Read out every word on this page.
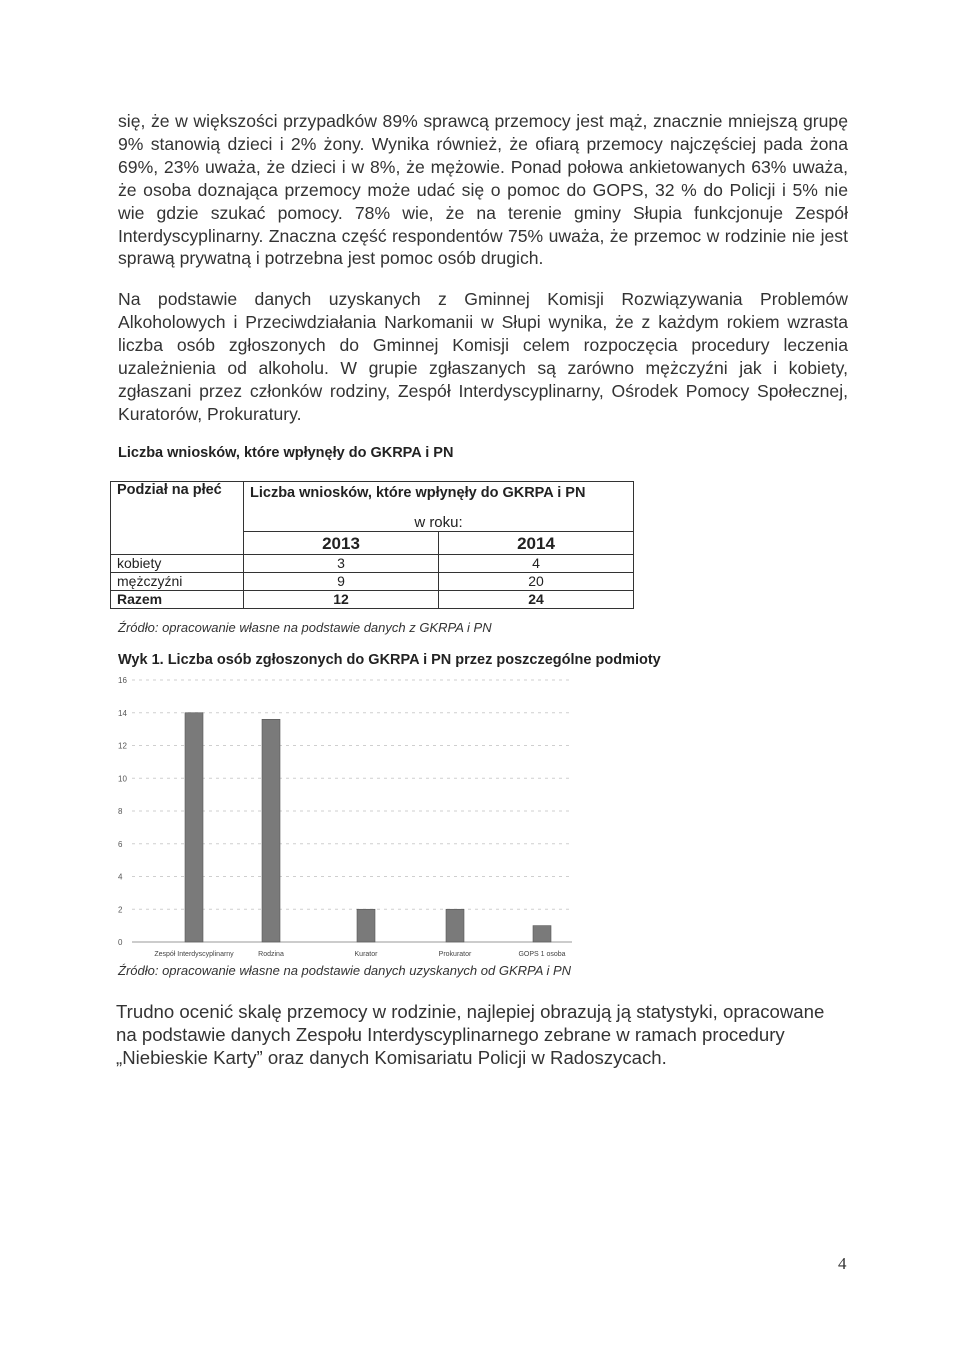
się, że w większości przypadków 89% sprawcą przemocy jest mąż, znacznie mniejszą grupę 9% stanowią dzieci i 2% żony. Wynika również, że ofiarą przemocy najczęściej pada żona 69%, 23% uważa, że dzieci i w 8%, że mężowie. Ponad połowa ankietowanych 63% uważa, że osoba doznająca przemocy może udać się o pomoc do GOPS, 32 % do Policji i 5% nie wie gdzie szukać pomocy. 78% wie, że na terenie gminy Słupia funkcjonuje Zespół Interdyscyplinarny. Znaczna część respondentów 75% uważa, że przemoc w rodzinie nie jest sprawą prywatną i potrzebna jest pomoc osób drugich.

Na podstawie danych uzyskanych z Gminnej Komisji Rozwiązywania Problemów Alkoholowych i Przeciwdziałania Narkomanii w Słupi wynika, że z każdym rokiem wzrasta liczba osób zgłoszonych do Gminnej Komisji celem rozpoczęcia procedury leczenia uzależnienia od alkoholu. W grupie zgłaszanych są zarówno mężczyźni jak i kobiety, zgłaszani przez członków rodziny, Zespół Interdyscyplinarny, Ośrodek Pomocy Społecznej, Kuratorów, Prokuratury.

Liczba wniosków, które wpłynęły do GKRPA i PN
Podział na płeć	Liczba wniosków, które wpłynęły do GKRPA i PN	
	w roku:	
	2013	2014
kobiety	3	4
mężczyźni	9	20
Razem	12	24
Źródło: opracowanie własne na podstawie danych z GKRPA i PN
Wyk 1. Liczba osób zgłoszonych do GKRPA i PN przez poszczególne podmioty
0
2
4
6
8
10
12
14
16
Zespół Interdyscyplinarny	Rodzina	Kurator	Prokurator	GOPS 1 osoba
Źródło: opracowanie własne na podstawie danych uzyskanych od GKRPA i PN

Trudno ocenić skalę przemocy w rodzinie, najlepiej obrazują ją statystyki, opracowane na podstawie danych Zespołu Interdyscyplinarnego zebrane w ramach procedury „Niebieskie Karty” oraz danych Komisariatu Policji w Radoszycach.

4
